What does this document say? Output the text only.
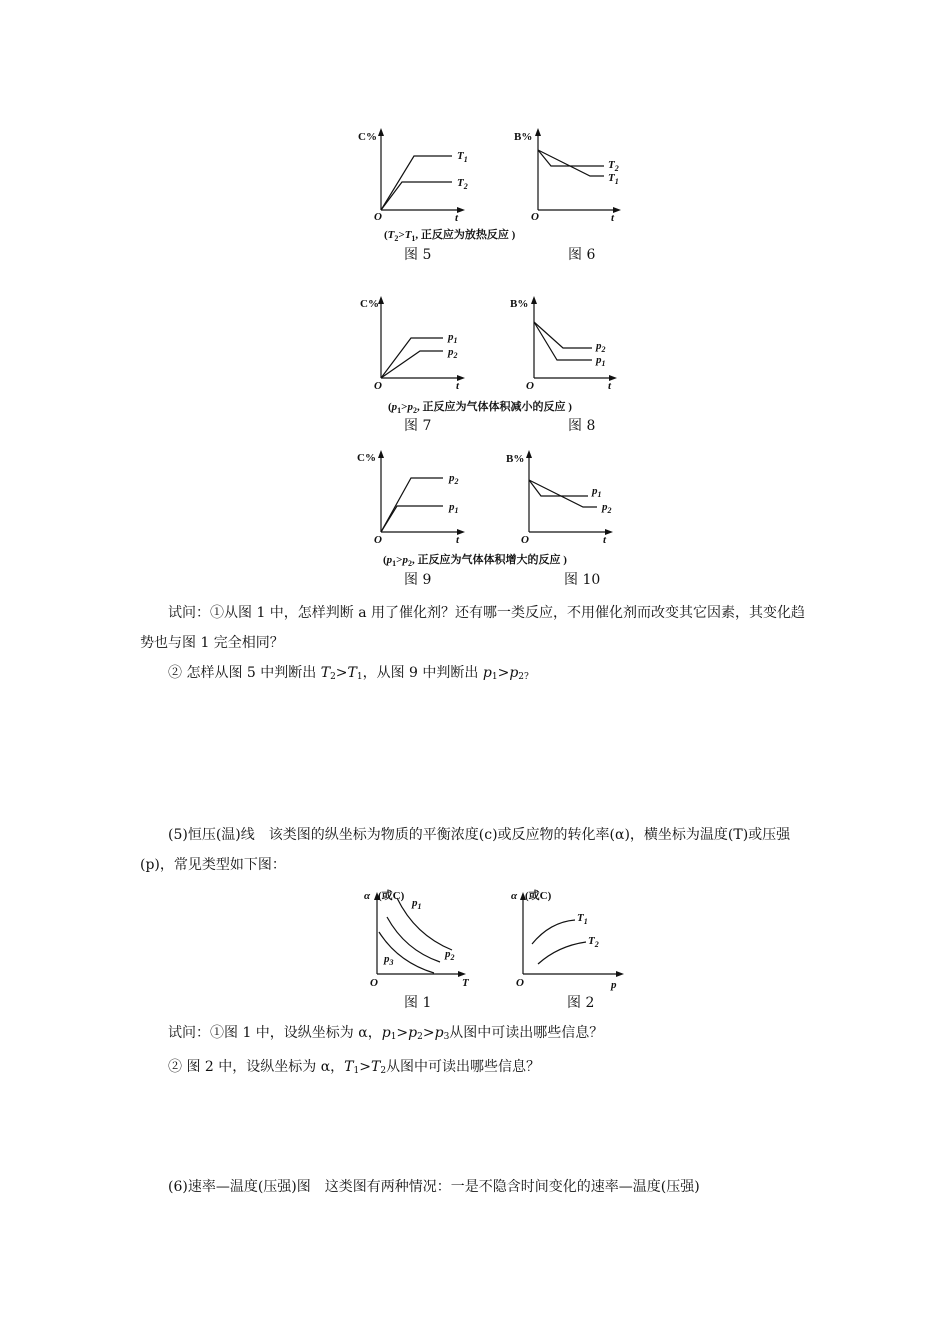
C%
O	t
$T_1$
$T_2$
B%
O	t
$T_2$
$T_1$
($T_2>T_1$, 正反应为放热反应 )
图 5	图 6
C%
O	t
$p_1$
$p_2$
B%
O	t
$p_2$
$p_1$
($p_1>p_2$, 正反应为气体体积减小的反应 )
图 7	图 8
C%
O	t
$p_2$
$p_1$
B%
O	t
$p_1$
$p_2$
($p_1>p_2$, 正反应为气体体积增大的反应 )
图 9	图 10
α (或C)
O	T
$p_1$
$p_2$
$p_3$
α (或C)
O	p
$T_1$
$T_2$
图 1	图 2

试问：①从图 1 中，怎样判断 a 用了催化剂？还有哪一类反应，不用催化剂而改变其它因素，其变化趋势也与图 1 完全相同？

② 怎样从图 5 中判断出 $T_2>T_1$，从图 9 中判断出 $p_1>p_{2?}$

(5)恒压(温)线　该类图的纵坐标为物质的平衡浓度(c)或反应物的转化率(α)，横坐标为温度(T)或压强(p)，常见类型如下图：

试问：①图 1 中，设纵坐标为 α，$p_1>p_2>p_3$从图中可读出哪些信息？

② 图 2 中，设纵坐标为 α，$T_1>T_2$从图中可读出哪些信息？

(6)速率—温度(压强)图　这类图有两种情况：一是不隐含时间变化的速率—温度(压强)
